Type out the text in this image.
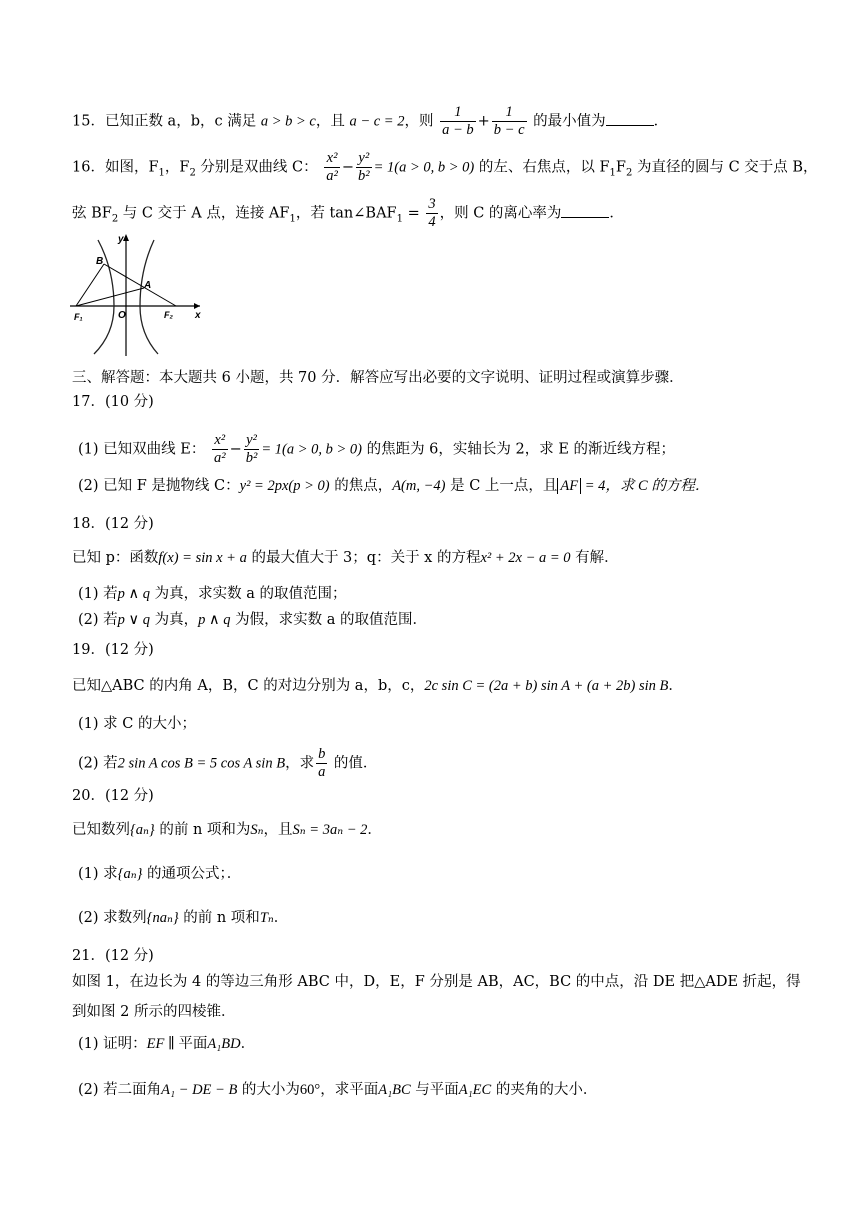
15．已知正数 a，b，c 满足 a > b > c，且 a − c = 2，则 $\frac{1}{a - b} + \frac{1}{b - c}$ 的最小值为	．
16．如图，$F_1$，$F_2$ 分别是双曲线 C： $\frac{\text{x²}}{\text{a²}} - \frac{\text{y²}}{\text{b²}} = 1(a > 0$, b > 0) 的左、右焦点，以 $F_1F_2$ 为直径的圆与 C 交于点 B，
弦 $BF_2$ 与 C 交于 A 点，连接 $AF_1$，若 $\tan\angle BAF_1 = \frac{3}{4}$ ，则 C 的离心率为	．
y
x
B
A
O
F₁	F₂
三、解答题：本大题共 6 小题，共 70 分．解答应写出必要的文字说明、证明过程或演算步骤．
17．(10 分)
(1) 已知双曲线 E： $\frac{\text{x²}}{\text{a²}} - \frac{\text{y²}}{\text{b²}} = 1(a > 0$, b > 0) 的焦距为 6，实轴长为 2，求 E 的渐近线方程；
(2) 已知 F 是抛物线 C：y² = 2px(p > 0) 的焦点，A(m, −4) 是 C 上一点，且 AF = 4，求 C 的方程．
18．(12 分)
已知 p：函数f(x) = sin x + a 的最大值大于 3；q：关于 x 的方程x² + 2x − a = 0 有解．
(1) 若p ∧ q 为真，求实数 a 的取值范围；
(2) 若p ∨ q 为真，p ∧ q 为假，求实数 a 的取值范围．
19．(12 分)
已知△ABC 的内角 A，B，C 的对边分别为 a，b，c，2c sin C = (2a + b) sin A + (a + 2b) sin B．
(1) 求 C 的大小；
(2) 若2 sin A cos B = 5 cos A sin B，求 $\frac{b}{a}$ 的值．
20．(12 分)
已知数列{aₙ} 的前 n 项和为Sₙ，且Sₙ = 3aₙ − 2．
(1) 求{aₙ} 的通项公式；．
(2) 求数列{naₙ} 的前 n 项和Tₙ．
21．(12 分)
如图 1，在边长为 4 的等边三角形 ABC 中，D，E，F 分别是 AB，AC，BC 的中点，沿 DE 把△ADE 折起，得
到如图 2 所示的四棱锥．
(1) 证明：EF ∥ 平面A₁BD．
(2) 若二面角A₁ − DE − B 的大小为60°，求平面A₁BC 与平面A₁EC 的夹角的大小．
